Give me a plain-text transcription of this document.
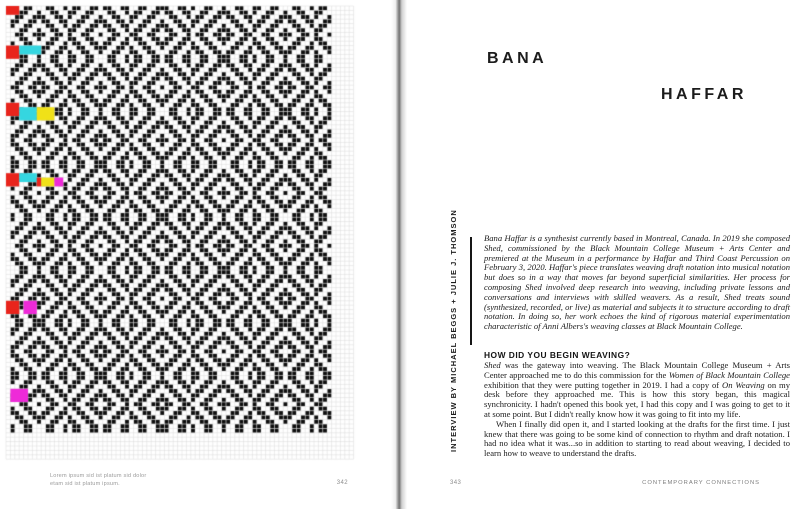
Lorem ipsum sid ist platum sid dolor
etam sid ist platum ipsum.	342
BANA
HAFFAR
INTERVIEW BY MICHAEL BEGGS + JULIE J. THOMSON	Bana Haffar is a synthesist currently based in Montreal, Canada. In 2019 she composed Shed, commissioned by the Black Mountain College Museum + Arts Center and premiered at the Museum in a performance by Haffar and Third Coast Percussion on February 3, 2020. Haffar's piece translates weaving draft notation into musical notation but does so in a way that moves far beyond superficial similarities. Her process for composing Shed involved deep research into weaving, including private lessons and conversations and interviews with skilled weavers. As a result, Shed treats sound (synthesized, recorded, or live) as material and subjects it to structure according to draft notation. In doing so, her work echoes the kind of rigorous material experimentation characteristic of Anni Albers's weaving classes at Black Mountain College.
HOW DID YOU BEGIN WEAVING?

Shed was the gateway into weaving. The Black Mountain College Museum + Arts Center approached me to do this commission for the Women of Black Mountain College exhibition that they were putting together in 2019. I had a copy of On Weaving on my desk before they approached me. This is how this story began, this magical synchronicity. I hadn't opened this book yet, I had this copy and I was going to get to it at some point. But I didn't really know how it was going to fit into my life.

When I finally did open it, and I started looking at the drafts for the first time. I just knew that there was going to be some kind of connection to rhythm and draft notation. I had no idea what it was...so in addition to starting to read about weaving, I decided to learn how to weave to understand the drafts.

343	CONTEMPORARY CONNECTIONS
